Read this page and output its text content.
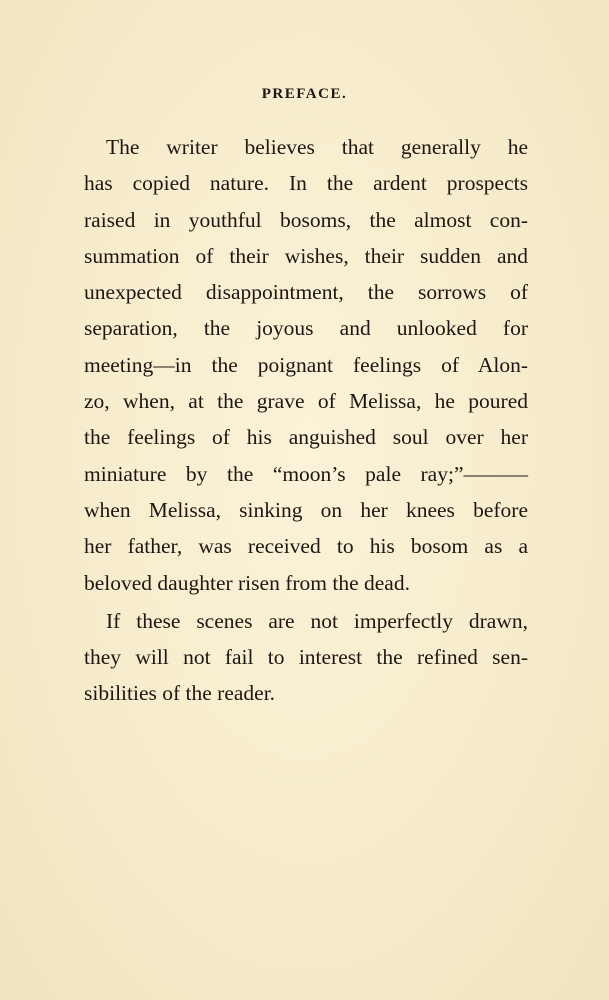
PREFACE.
The writer believes that generally he
has copied nature. In the ardent prospects
raised in youthful bosoms, the almost con-
summation of their wishes, their sudden and
unexpected disappointment, the sorrows of
separation, the joyous and unlooked for
meeting—in the poignant feelings of Alon-
zo, when, at the grave of Melissa, he poured
the feelings of his anguished soul over her
miniature by the “moon’s pale ray;”———
when Melissa, sinking on her knees before
her father, was received to his bosom as a
beloved daughter risen from the dead.
If these scenes are not imperfectly drawn,
they will not fail to interest the refined sen-
sibilities of the reader.
